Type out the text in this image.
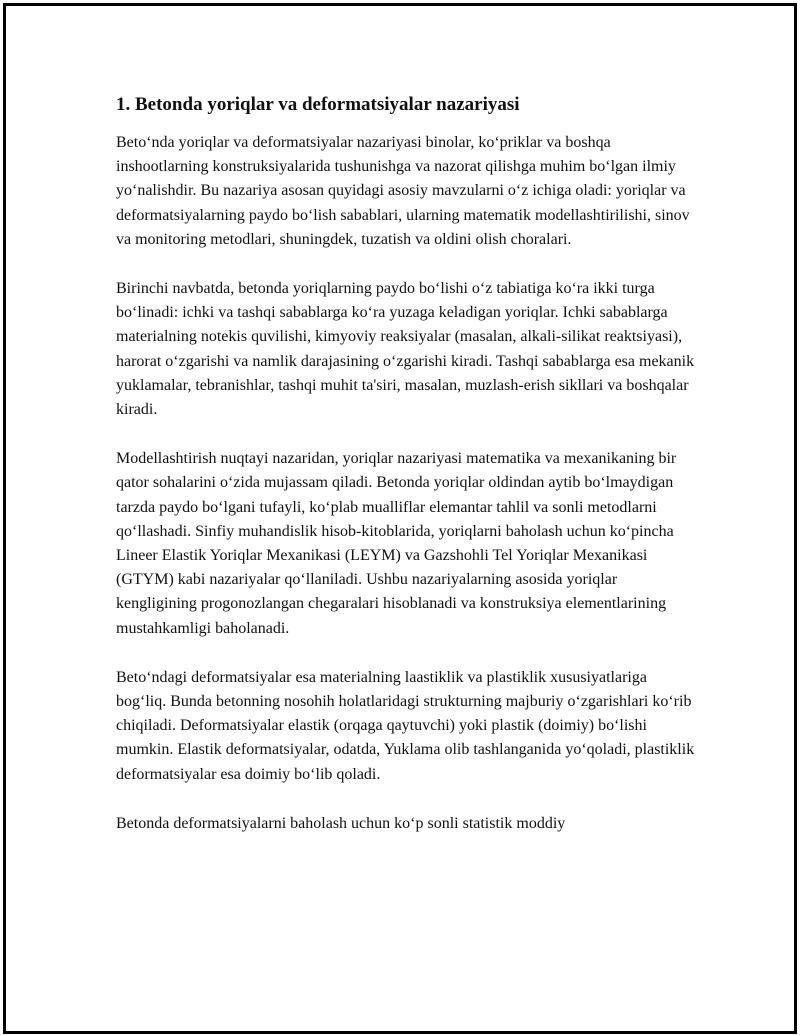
1. Betonda yoriqlar va deformatsiyalar nazariyasi

Beto‘nda yoriqlar va deformatsiyalar nazariyasi binolar, ko‘priklar va boshqa inshootlarning konstruksiyalarida tushunishga va nazorat qilishga muhim bo‘lgan ilmiy yo‘nalishdir. Bu nazariya asosan quyidagi asosiy mavzularni o‘z ichiga oladi: yoriqlar va deformatsiyalarning paydo bo‘lish sabablari, ularning matematik modellashtirilishi, sinov va monitoring metodlari, shuningdek, tuzatish va oldini olish choralari.

Birinchi navbatda, betonda yoriqlarning paydo bo‘lishi o‘z tabiatiga ko‘ra ikki turga bo‘linadi: ichki va tashqi sabablarga ko‘ra yuzaga keladigan yoriqlar. Ichki sabablarga materialning notekis quvilishi, kimyoviy reaksiyalar (masalan, alkali-silikat reaktsiyasi), harorat o‘zgarishi va namlik darajasining o‘zgarishi kiradi. Tashqi sabablarga esa mekanik yuklamalar, tebranishlar, tashqi muhit ta'siri, masalan, muzlash-erish sikllari va boshqalar kiradi.

Modellashtirish nuqtayi nazaridan, yoriqlar nazariyasi matematika va mexanikaning bir qator sohalarini o‘zida mujassam qiladi. Betonda yoriqlar oldindan aytib bo‘lmaydigan tarzda paydo bo‘lgani tufayli, ko‘plab mualliflar elemantar tahlil va sonli metodlarni qo‘llashadi. Sinfiy muhandislik hisob-kitoblarida, yoriqlarni baholash uchun ko‘pincha Lineer Elastik Yoriqlar Mexanikasi (LEYM) va Gazshohli Tel Yoriqlar Mexanikasi (GTYM) kabi nazariyalar qo‘llaniladi. Ushbu nazariyalarning asosida yoriqlar kengligining progonozlangan chegaralari hisoblanadi va konstruksiya elementlarining mustahkamligi baholanadi.

Beto‘ndagi deformatsiyalar esa materialning laastiklik va plastiklik xususiyatlariga bog‘liq. Bunda betonning nosohih holatlaridagi strukturning majburiy o‘zgarishlari ko‘rib chiqiladi. Deformatsiyalar elastik (orqaga qaytuvchi) yoki plastik (doimiy) bo‘lishi mumkin. Elastik deformatsiyalar, odatda, Yuklama olib tashlanganida yo‘qoladi, plastiklik deformatsiyalar esa doimiy bo‘lib qoladi.

Betonda deformatsiyalarni baholash uchun ko‘p sonli statistik moddiy
